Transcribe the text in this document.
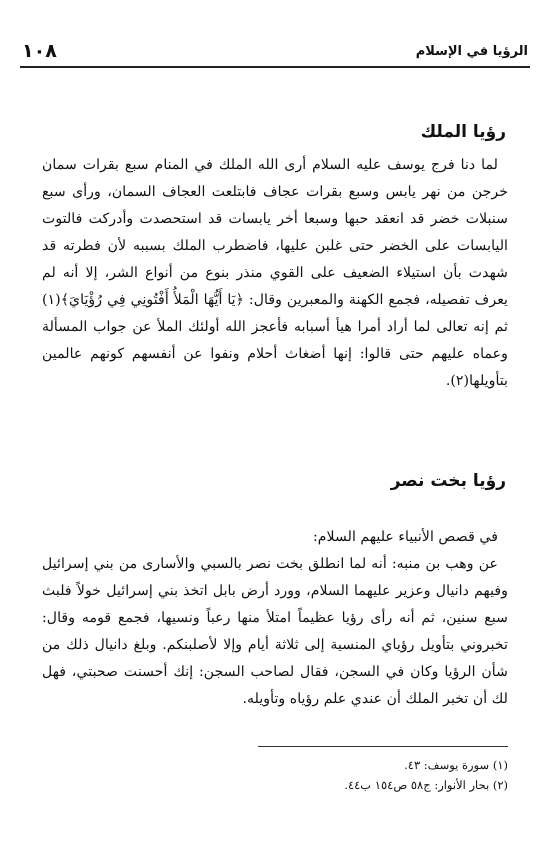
١٠٨	الرؤيا في الإسلام
رؤيا الملك

لما دنا فرج يوسف عليه السلام أرى الله الملك في المنام سبع بقرات سمان خرجن من نهر يابس وسبع بقرات عجاف فابتلعت العجاف السمان، ورأى سبع سنبلات خضر قد انعقد حبها وسبعا أخر يابسات قد استحصدت وأدركت فالتوت اليابسات على الخضر حتى غلبن عليها، فاضطرب الملك بسببه لأن فطرته قد شهدت بأن استيلاء الضعيف على القوي منذر بنوع من أنواع الشر، إلا أنه لم يعرف تفصيله، فجمع الكهنة والمعبرين وقال: ﴿يَا أَيُّهَا الْمَلأُ أَفْتُونِي فِي رُؤْيَايَ﴾(١) ثم إنه تعالى لما أراد أمرا هيأ أسبابه فأعجز الله أولئك الملأ عن جواب المسألة وعماه عليهم حتى قالوا: إنها أضغاث أحلام ونفوا عن أنفسهم كونهم عالمين بتأويلها(٢).

رؤيا بخت نصر

في قصص الأنبياء عليهم السلام:

عن وهب بن منبه: أنه لما انطلق بخت نصر بالسبي والأسارى من بني إسرائيل وفيهم دانيال وعزير عليهما السلام، وورد أرض بابل اتخذ بني إسرائيل خولاً فلبث سبع سنين، ثم أنه رأى رؤيا عظيماً امتلأ منها رعباً ونسيها، فجمع قومه وقال: تخبروني بتأويل رؤياي المنسية إلى ثلاثة أيام وإلا لأصلبنكم. وبلغ دانيال ذلك من شأن الرؤيا وكان في السجن، فقال لصاحب السجن: إنك أحسنت صحبتي، فهل لك أن تخبر الملك أن عندي علم رؤياه وتأويله.

(١) سورة يوسف: ٤٣.
(٢) بحار الأنوار: ج٥٨ ص١٥٤ ب٤٤.
